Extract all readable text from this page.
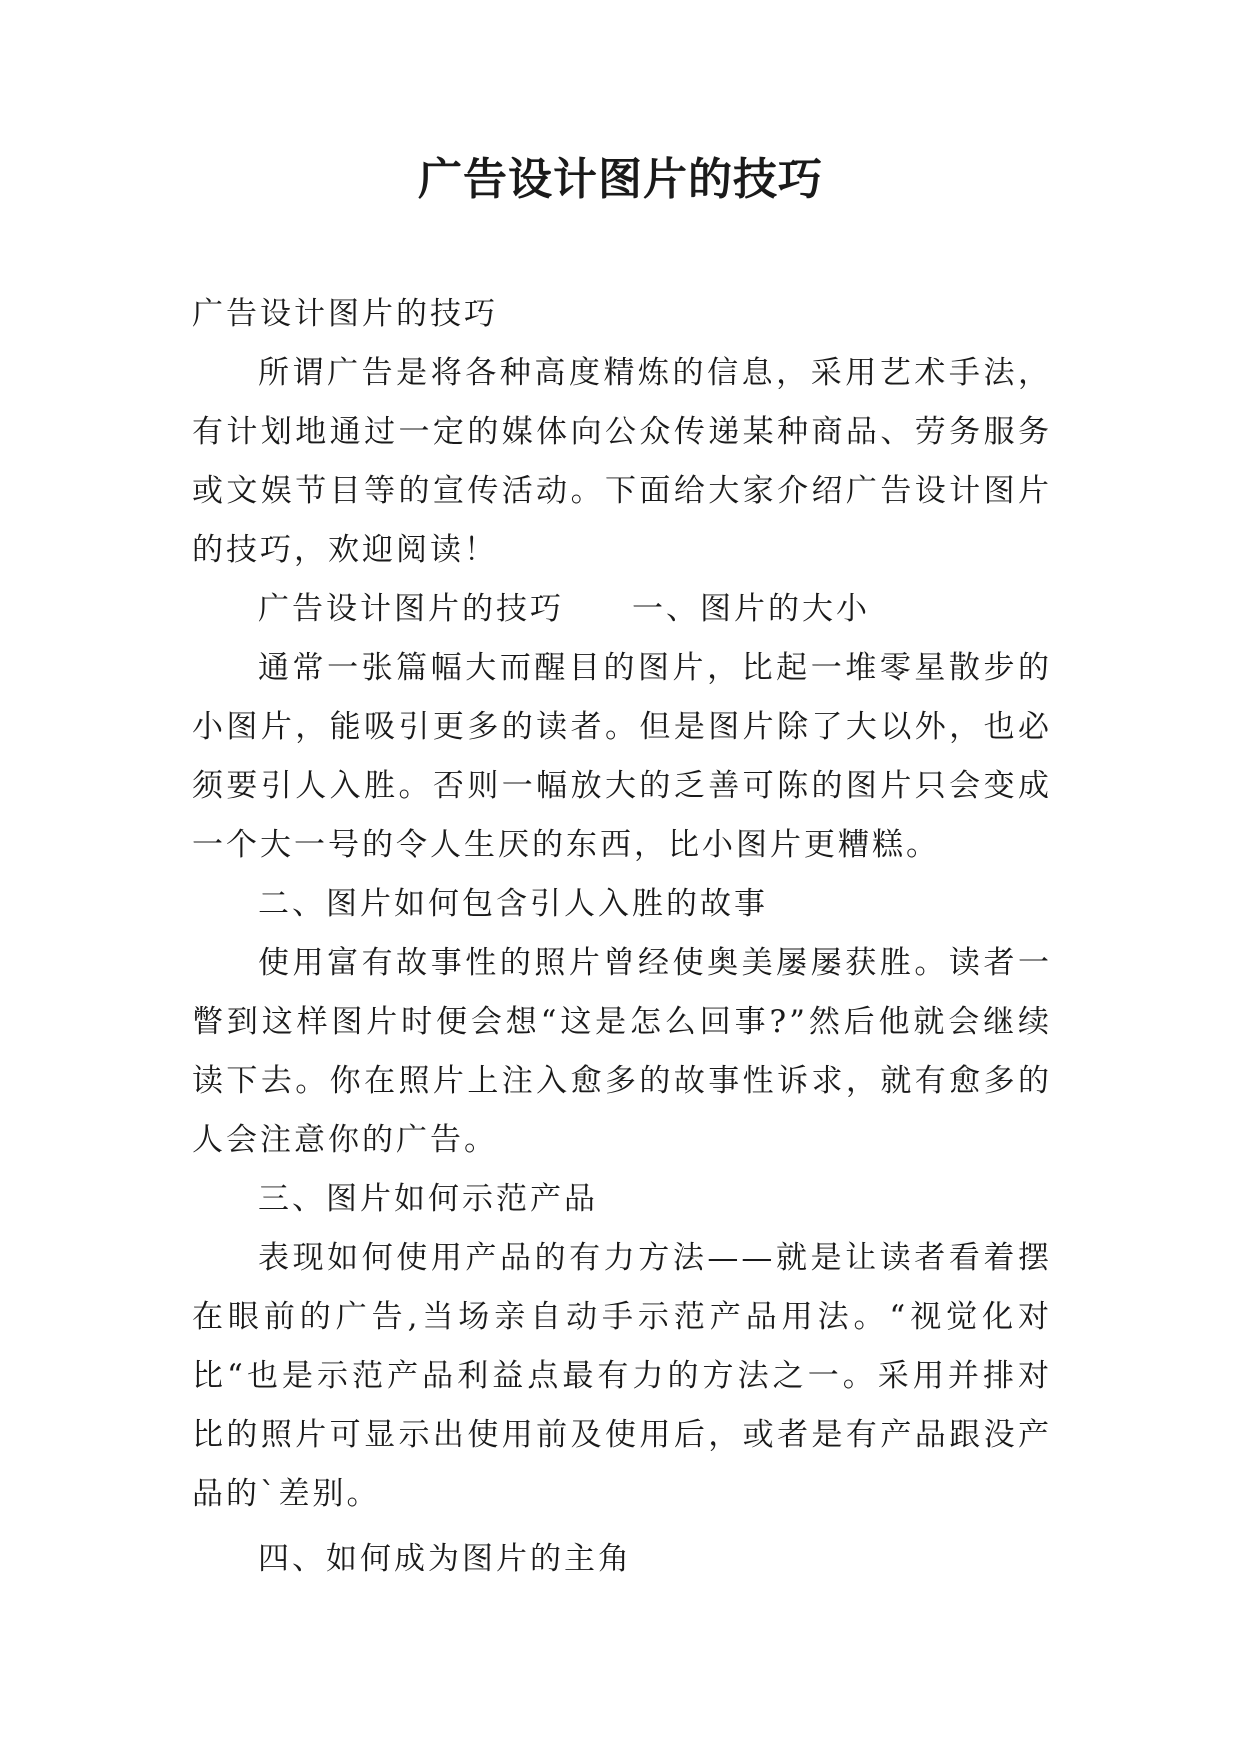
广告设计图片的技巧

广告设计图片的技巧

所谓广告是将各种高度精炼的信息，采用艺术手法，有计划地通过一定的媒体向公众传递某种商品、劳务服务或文娱节目等的宣传活动。下面给大家介绍广告设计图片的技巧，欢迎阅读！

广告设计图片的技巧　　一、图片的大小

通常一张篇幅大而醒目的图片，比起一堆零星散步的小图片，能吸引更多的读者。但是图片除了大以外，也必须要引人入胜。否则一幅放大的乏善可陈的图片只会变成一个大一号的令人生厌的东西，比小图片更糟糕。

二、图片如何包含引人入胜的故事

使用富有故事性的照片曾经使奥美屡屡获胜。读者一瞥到这样图片时便会想“这是怎么回事?”然后他就会继续读下去。你在照片上注入愈多的故事性诉求，就有愈多的人会注意你的广告。

三、图片如何示范产品

表现如何使用产品的有力方法——就是让读者看着摆在眼前的广告,当场亲自动手示范产品用法。“视觉化对比“也是示范产品利益点最有力的方法之一。采用并排对比的照片可显示出使用前及使用后，或者是有产品跟没产品的`差别。

四、如何成为图片的主角
